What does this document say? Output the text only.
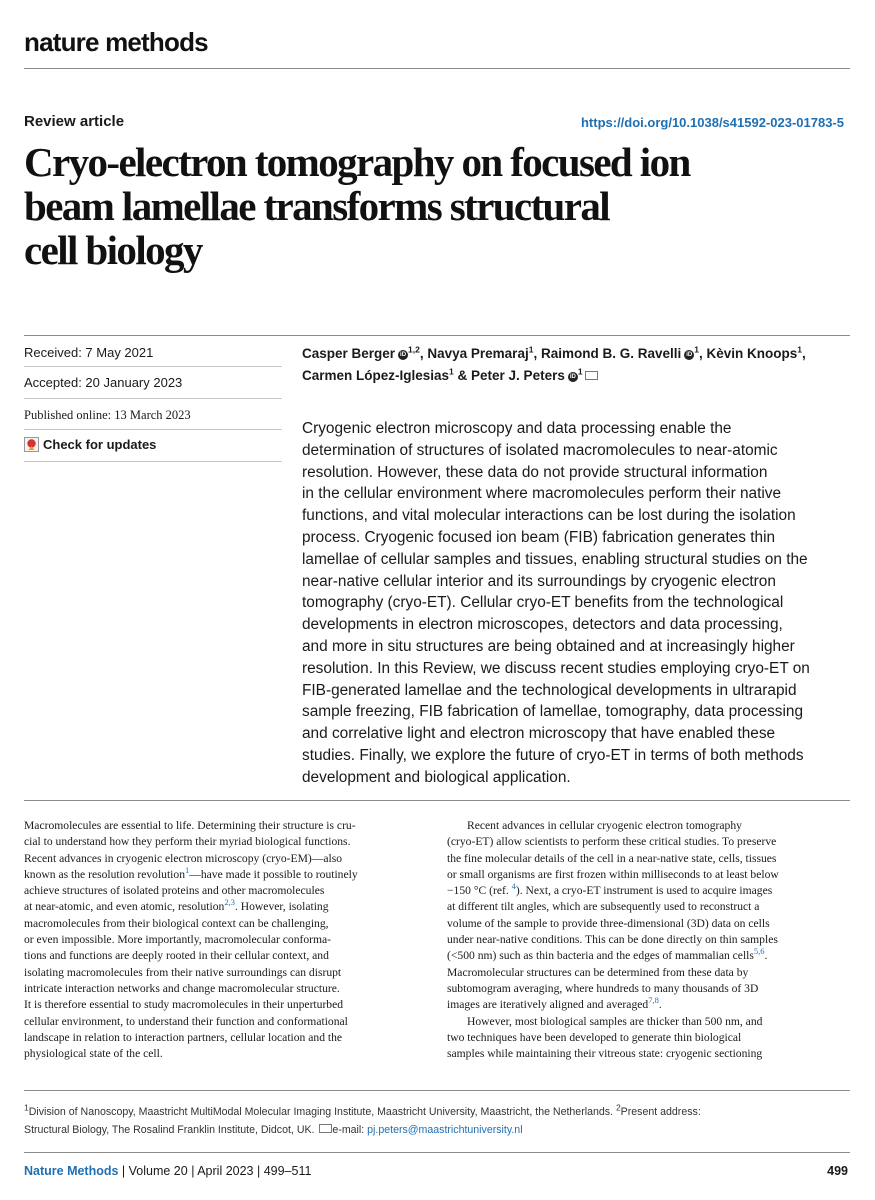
nature methods
Review article	https://doi.org/10.1038/s41592-023-01783-5
Cryo-electron tomography on focused ion
beam lamellae transforms structural
cell biology
Received: 7 May 2021
Accepted: 20 January 2023
Published online: 13 March 2023
Check for updates
Casper Berger iD$^{1,2}$, Navya Premaraj$^1$, Raimond B. G. Ravelli $iD^1$, Kèvin Knoops$^1$,
Carmen López-Iglesias$^1$ & Peter J. Peters $iD^1$
Cryogenic electron microscopy and data processing enable the
determination of structures of isolated macromolecules to near-atomic
resolution. However, these data do not provide structural information
in the cellular environment where macromolecules perform their native
functions, and vital molecular interactions can be lost during the isolation
process. Cryogenic focused ion beam (FIB) fabrication generates thin
lamellae of cellular samples and tissues, enabling structural studies on the
near-native cellular interior and its surroundings by cryogenic electron
tomography (cryo-ET). Cellular cryo-ET benefits from the technological
developments in electron microscopes, detectors and data processing,
and more in situ structures are being obtained and at increasingly higher
resolution. In this Review, we discuss recent studies employing cryo-ET on
FIB-generated lamellae and the technological developments in ultrarapid
sample freezing, FIB fabrication of lamellae, tomography, data processing
and correlative light and electron microscopy that have enabled these
studies. Finally, we explore the future of cryo-ET in terms of both methods
development and biological application.
Macromolecules are essential to life. Determining their structure is cru-
cial to understand how they perform their myriad biological functions.
Recent advances in cryogenic electron microscopy (cryo-EM)—also
known as the resolution revolution$^1$—have made it possible to routinely
achieve structures of isolated proteins and other macromolecules
at near-atomic, and even atomic, resolution$^{2,3}$. However, isolating
macromolecules from their biological context can be challenging,
or even impossible. More importantly, macromolecular conforma-
tions and functions are deeply rooted in their cellular context, and
isolating macromolecules from their native surroundings can disrupt
intricate interaction networks and change macromolecular structure.
It is therefore essential to study macromolecules in their unperturbed
cellular environment, to understand their function and conformational
landscape in relation to interaction partners, cellular location and the
physiological state of the cell.
Recent advances in cellular cryogenic electron tomography
(cryo-ET) allow scientists to perform these critical studies. To preserve
the fine molecular details of the cell in a near-native state, cells, tissues
or small organisms are first frozen within milliseconds to at least below
−150 °C (ref. $^4$). Next, a cryo-ET instrument is used to acquire images
at different tilt angles, which are subsequently used to reconstruct a
volume of the sample to provide three-dimensional (3D) data on cells
under near-native conditions. This can be done directly on thin samples
(<500 nm) such as thin bacteria and the edges of mammalian cells$^{5,6}$.
Macromolecular structures can be determined from these data by
subtomogram averaging, where hundreds to many thousands of 3D
images are iteratively aligned and averaged$^{7,8}$.
However, most biological samples are thicker than 500 nm, and
two techniques have been developed to generate thin biological
samples while maintaining their vitreous state: cryogenic sectioning
$^1$Division of Nanoscopy, Maastricht MultiModal Molecular Imaging Institute, Maastricht University, Maastricht, the Netherlands. $^2$Present address:
Structural Biology, The Rosalind Franklin Institute, Didcot, UK. e-mail: pj.peters@maastrichtuniversity.nl
Nature Methods | Volume 20 | April 2023 | 499–511	499
